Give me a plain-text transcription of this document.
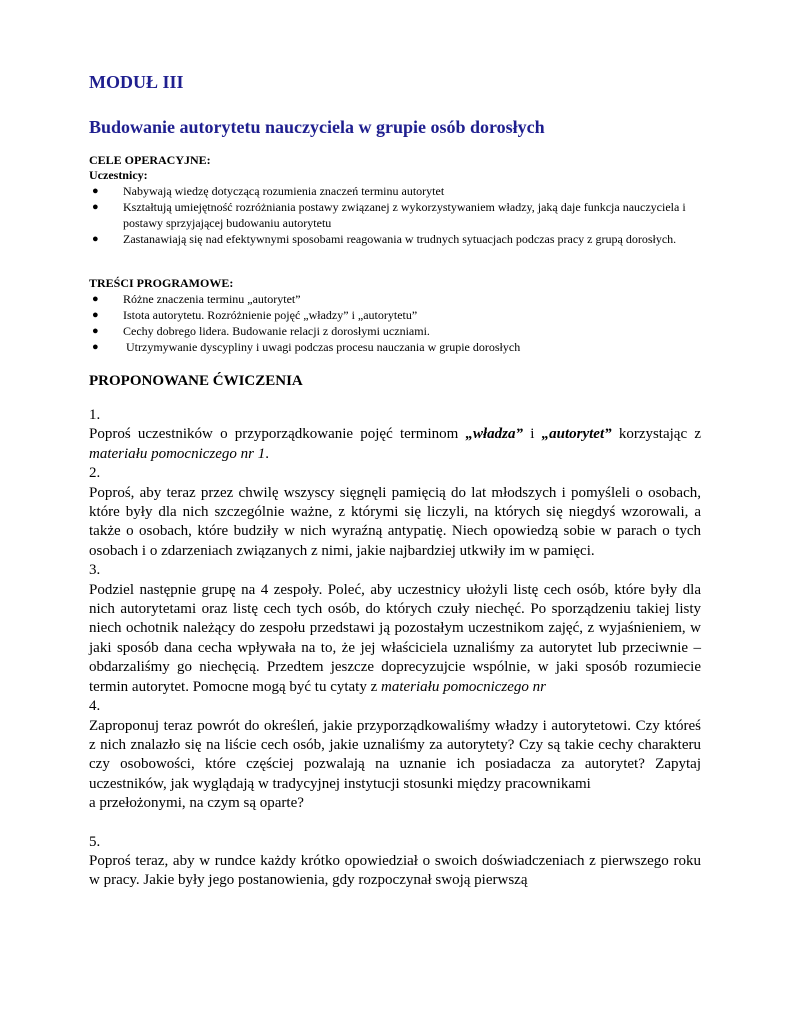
MODUŁ III
Budowanie autorytetu nauczyciela w grupie osób dorosłych
CELE OPERACYJNE:
Uczestnicy:
● Nabywają wiedzę dotyczącą rozumienia znaczeń terminu autorytet
● Kształtują umiejętność rozróżniania postawy związanej z wykorzystywaniem władzy, jaką daje funkcja nauczyciela i postawy sprzyjającej budowaniu autorytetu
● Zastanawiają się nad efektywnymi sposobami reagowania w trudnych sytuacjach podczas pracy z grupą dorosłych.
TREŚCI PROGRAMOWE:
● Różne znaczenia terminu „autorytet”
● Istota autorytetu. Rozróżnienie pojęć „władzy” i „autorytetu”
● Cechy dobrego lidera. Budowanie relacji z dorosłymi uczniami.
● Utrzymywanie dyscypliny i uwagi podczas procesu nauczania w grupie dorosłych
PROPONOWANE ĆWICZENIA

1.

Poproś uczestników o przyporządkowanie pojęć terminom „władza” i „autorytet” korzystając z materiału pomocniczego nr 1.

2.

Poproś, aby teraz przez chwilę wszyscy sięgnęli pamięcią do lat młodszych i pomyśleli o osobach, które były dla nich szczególnie ważne, z którymi się liczyli, na których się niegdyś wzorowali, a także o osobach, które budziły w nich wyraźną antypatię. Niech opowiedzą sobie w parach o tych osobach i o zdarzeniach związanych z nimi, jakie najbardziej utkwiły im w pamięci.

3.

Podziel następnie grupę na 4 zespoły. Poleć, aby uczestnicy ułożyli listę cech osób, które były dla nich autorytetami oraz listę cech tych osób, do których czuły niechęć. Po sporządzeniu takiej listy niech ochotnik należący do zespołu przedstawi ją pozostałym uczestnikom zajęć, z wyjaśnieniem, w jaki sposób dana cecha wpływała na to, że jej właściciela uznaliśmy za autorytet lub przeciwnie – obdarzaliśmy go niechęcią. Przedtem jeszcze doprecyzujcie wspólnie, w jaki sposób rozumiecie termin autorytet. Pomocne mogą być tu cytaty z materiału pomocniczego nr

4.

Zaproponuj teraz powrót do określeń, jakie przyporządkowaliśmy władzy i autorytetowi. Czy któreś z nich znalazło się na liście cech osób, jakie uznaliśmy za autorytety? Czy są takie cechy charakteru czy osobowości, które częściej pozwalają na uznanie ich posiadacza za autorytet? Zapytaj uczestników, jak wyglądają w tradycyjnej instytucji stosunki między pracownikami

a przełożonymi, na czym są oparte?

5.

Poproś teraz, aby w rundce każdy krótko opowiedział o swoich doświadczeniach z pierwszego roku w pracy. Jakie były jego postanowienia, gdy rozpoczynał swoją pierwszą
